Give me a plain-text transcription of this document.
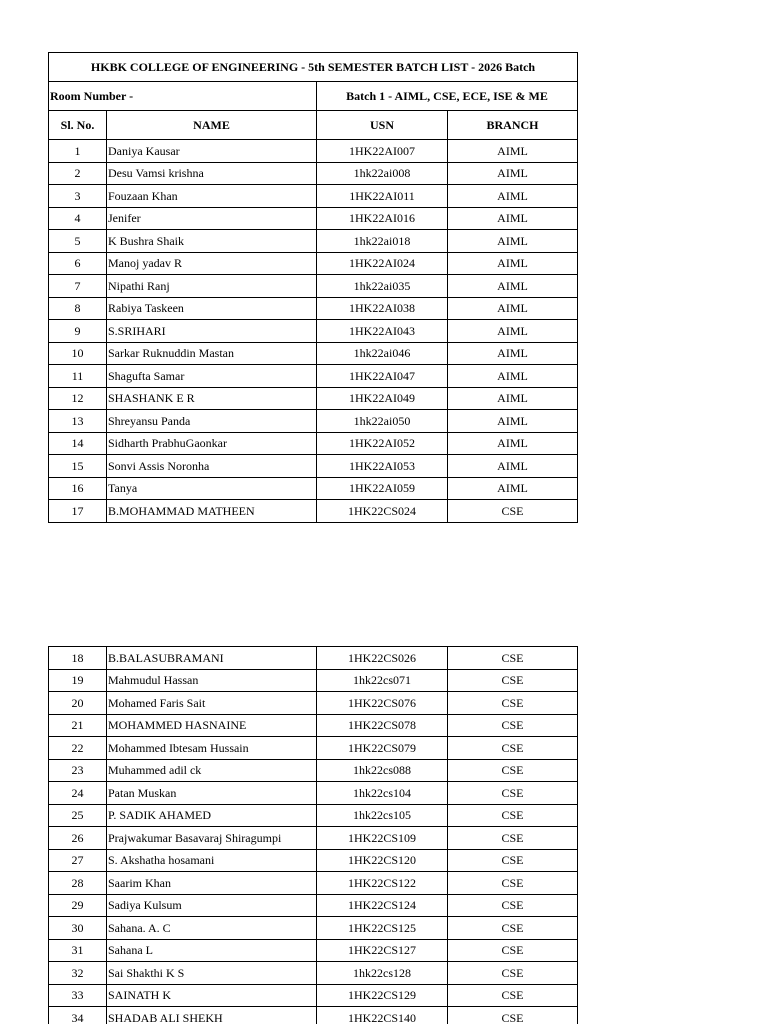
HKBK COLLEGE OF ENGINEERING - 5th SEMESTER BATCH LIST - 2026 Batch			
Room Number -		Batch 1 - AIML, CSE, ECE, ISE & ME	
Sl. No.	NAME	USN	BRANCH
1	Daniya Kausar	1HK22AI007	AIML
2	Desu Vamsi krishna	1hk22ai008	AIML
3	Fouzaan Khan	1HK22AI011	AIML
4	Jenifer	1HK22AI016	AIML
5	K Bushra Shaik	1hk22ai018	AIML
6	Manoj yadav R	1HK22AI024	AIML
7	Nipathi Ranj	1hk22ai035	AIML
8	Rabiya Taskeen	1HK22AI038	AIML
9	S.SRIHARI	1HK22AI043	AIML
10	Sarkar Ruknuddin Mastan	1hk22ai046	AIML
11	Shagufta Samar	1HK22AI047	AIML
12	SHASHANK E R	1HK22AI049	AIML
13	Shreyansu Panda	1hk22ai050	AIML
14	Sidharth PrabhuGaonkar	1HK22AI052	AIML
15	Sonvi Assis Noronha	1HK22AI053	AIML
16	Tanya	1HK22AI059	AIML
17	B.MOHAMMAD MATHEEN	1HK22CS024	CSE
18	B.BALASUBRAMANI	1HK22CS026	CSE
19	Mahmudul Hassan	1hk22cs071	CSE
20	Mohamed Faris Sait	1HK22CS076	CSE
21	MOHAMMED HASNAINE	1HK22CS078	CSE
22	Mohammed Ibtesam Hussain	1HK22CS079	CSE
23	Muhammed adil ck	1hk22cs088	CSE
24	Patan Muskan	1hk22cs104	CSE
25	P. SADIK AHAMED	1hk22cs105	CSE
26	Prajwakumar Basavaraj Shiragumpi	1HK22CS109	CSE
27	S. Akshatha hosamani	1HK22CS120	CSE
28	Saarim Khan	1HK22CS122	CSE
29	Sadiya Kulsum	1HK22CS124	CSE
30	Sahana. A. C	1HK22CS125	CSE
31	Sahana L	1HK22CS127	CSE
32	Sai Shakthi K S	1hk22cs128	CSE
33	SAINATH K	1HK22CS129	CSE
34	SHADAB ALI SHEKH	1HK22CS140	CSE
